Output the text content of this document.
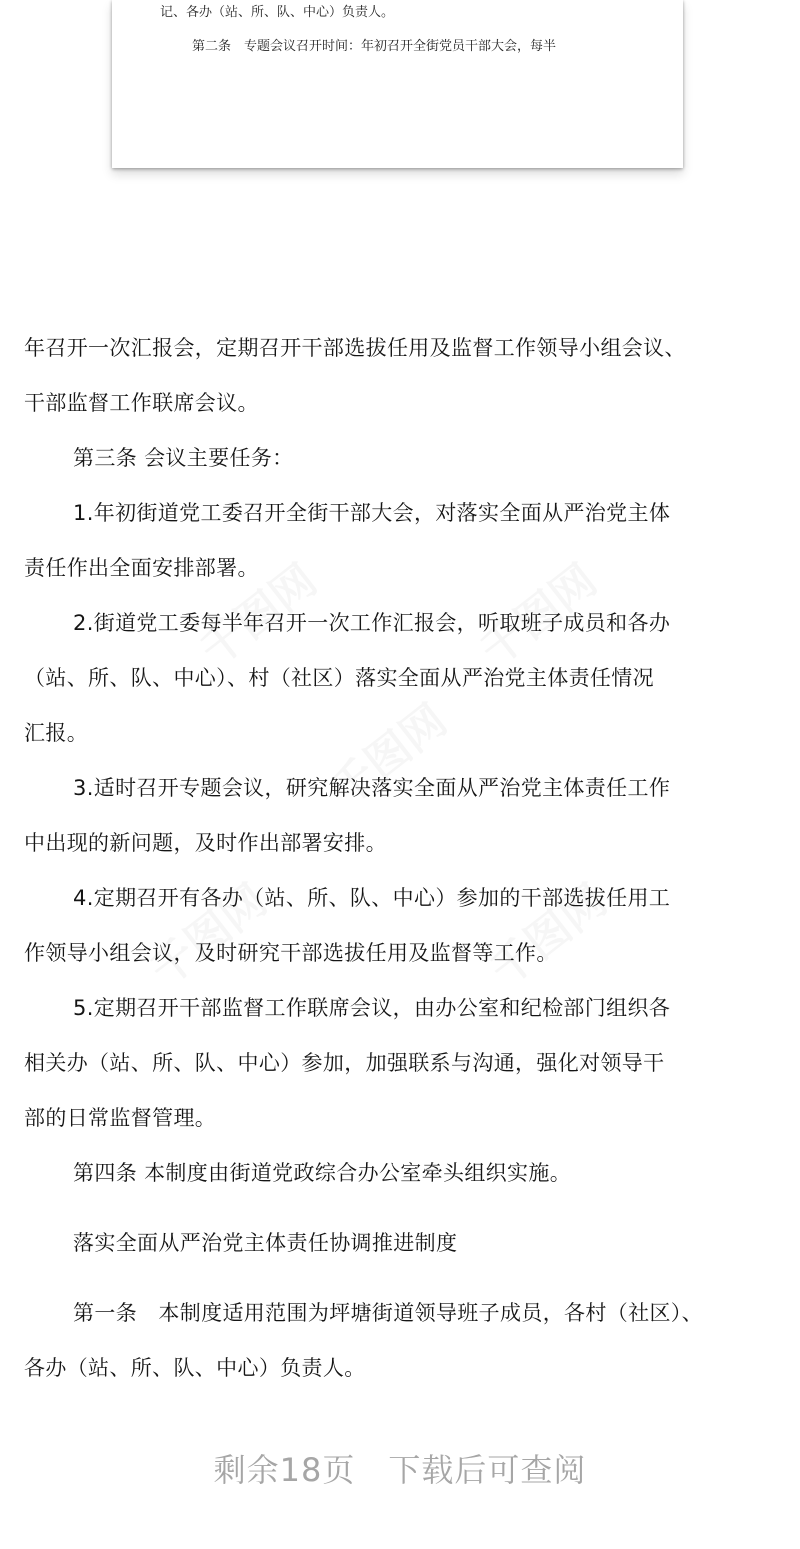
记、各办（站、所、队、中心）负责人。
第二条　专题会议召开时间：年初召开全街党员干部大会，每半

年召开一次汇报会，定期召开干部选拔任用及监督工作领导小组会议、

干部监督工作联席会议。

第三条 会议主要任务：

1.年初街道党工委召开全街干部大会，对落实全面从严治党主体

责任作出全面安排部署。

2.街道党工委每半年召开一次工作汇报会，听取班子成员和各办

（站、所、队、中心）、村（社区）落实全面从严治党主体责任情况

汇报。

3.适时召开专题会议，研究解决落实全面从严治党主体责任工作

中出现的新问题，及时作出部署安排。

4.定期召开有各办（站、所、队、中心）参加的干部选拔任用工

作领导小组会议，及时研究干部选拔任用及监督等工作。

5.定期召开干部监督工作联席会议，由办公室和纪检部门组织各

相关办（站、所、队、中心）参加，加强联系与沟通，强化对领导干

部的日常监督管理。

第四条 本制度由街道党政综合办公室牵头组织实施。

落实全面从严治党主体责任协调推进制度

第一条　本制度适用范围为坪塘街道领导班子成员，各村（社区）、

各办（站、所、队、中心）负责人。

剩余18页　下载后可查阅
